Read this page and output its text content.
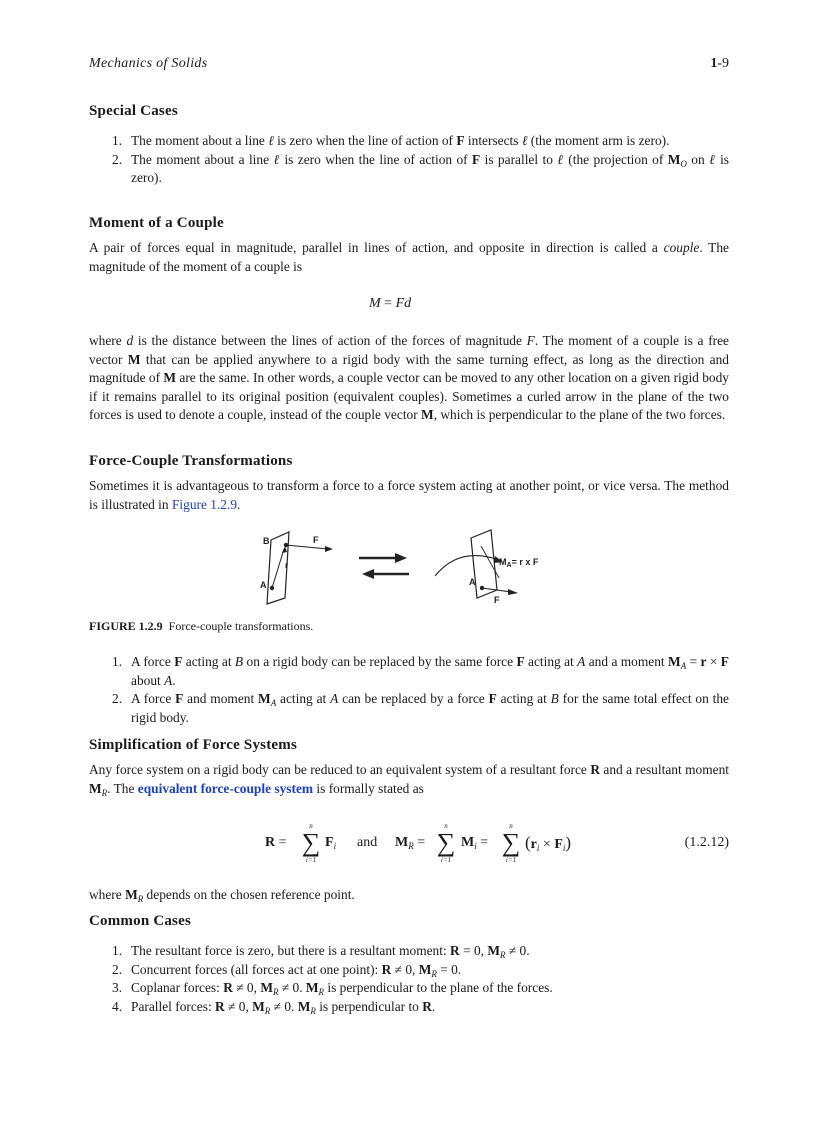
Mechanics of Solids	1-9
Special Cases
1. The moment about a line ℓ is zero when the line of action of F intersects ℓ (the moment arm is zero).
2. The moment about a line ℓ is zero when the line of action of F is parallel to ℓ (the projection of $M_O$ on ℓ is zero).
Moment of a Couple

A pair of forces equal in magnitude, parallel in lines of action, and opposite in direction is called a couple. The magnitude of the moment of a couple is

M = Fd

where d is the distance between the lines of action of the forces of magnitude F. The moment of a couple is a free vector M that can be applied anywhere to a rigid body with the same turning effect, as long as the direction and magnitude of M are the same. In other words, a couple vector can be moved to any other location on a given rigid body if it remains parallel to its original position (equivalent couples). Sometimes a curled arrow in the plane of the two forces is used to denote a couple, instead of the couple vector M, which is perpendicular to the plane of the two forces.

Force-Couple Transformations

Sometimes it is advantageous to transform a force to a force system acting at another point, or vice versa. The method is illustrated in Figure 1.2.9.

B	F
r
A	A
$M_A= r$ x F
F
FIGURE 1.2.9 Force-couple transformations.
1. A force F acting at B on a rigid body can be replaced by the same force F acting at A and a moment $M_A = r \times F$ about A.
2. A force F and moment $M_A$ acting at A can be replaced by a force F acting at B for the same total effect on the rigid body.
Simplification of Force Systems

Any force system on a rigid body can be reduced to an equivalent system of a resultant force R and a resultant moment $M_R$. The equivalent force-couple system is formally stated as

R =
n
∑
i=1
$F_i$ and $M_R$ =
n
∑
i=1
$M_i$ =
n
∑
i=1
$(r_i \times F_i)$	(1.2.12)

where $M_R$ depends on the chosen reference point.

Common Cases
1. The resultant force is zero, but there is a resultant moment: R = 0, $M_R \ne 0$.
2. Concurrent forces (all forces act at one point): R ≠ 0, $M_R = 0$.
3. Coplanar forces: R ≠ 0, $M_R \ne 0$. $M_R$ is perpendicular to the plane of the forces.
4. Parallel forces: R ≠ 0, $M_R \ne 0$. $M_R$ is perpendicular to R.
